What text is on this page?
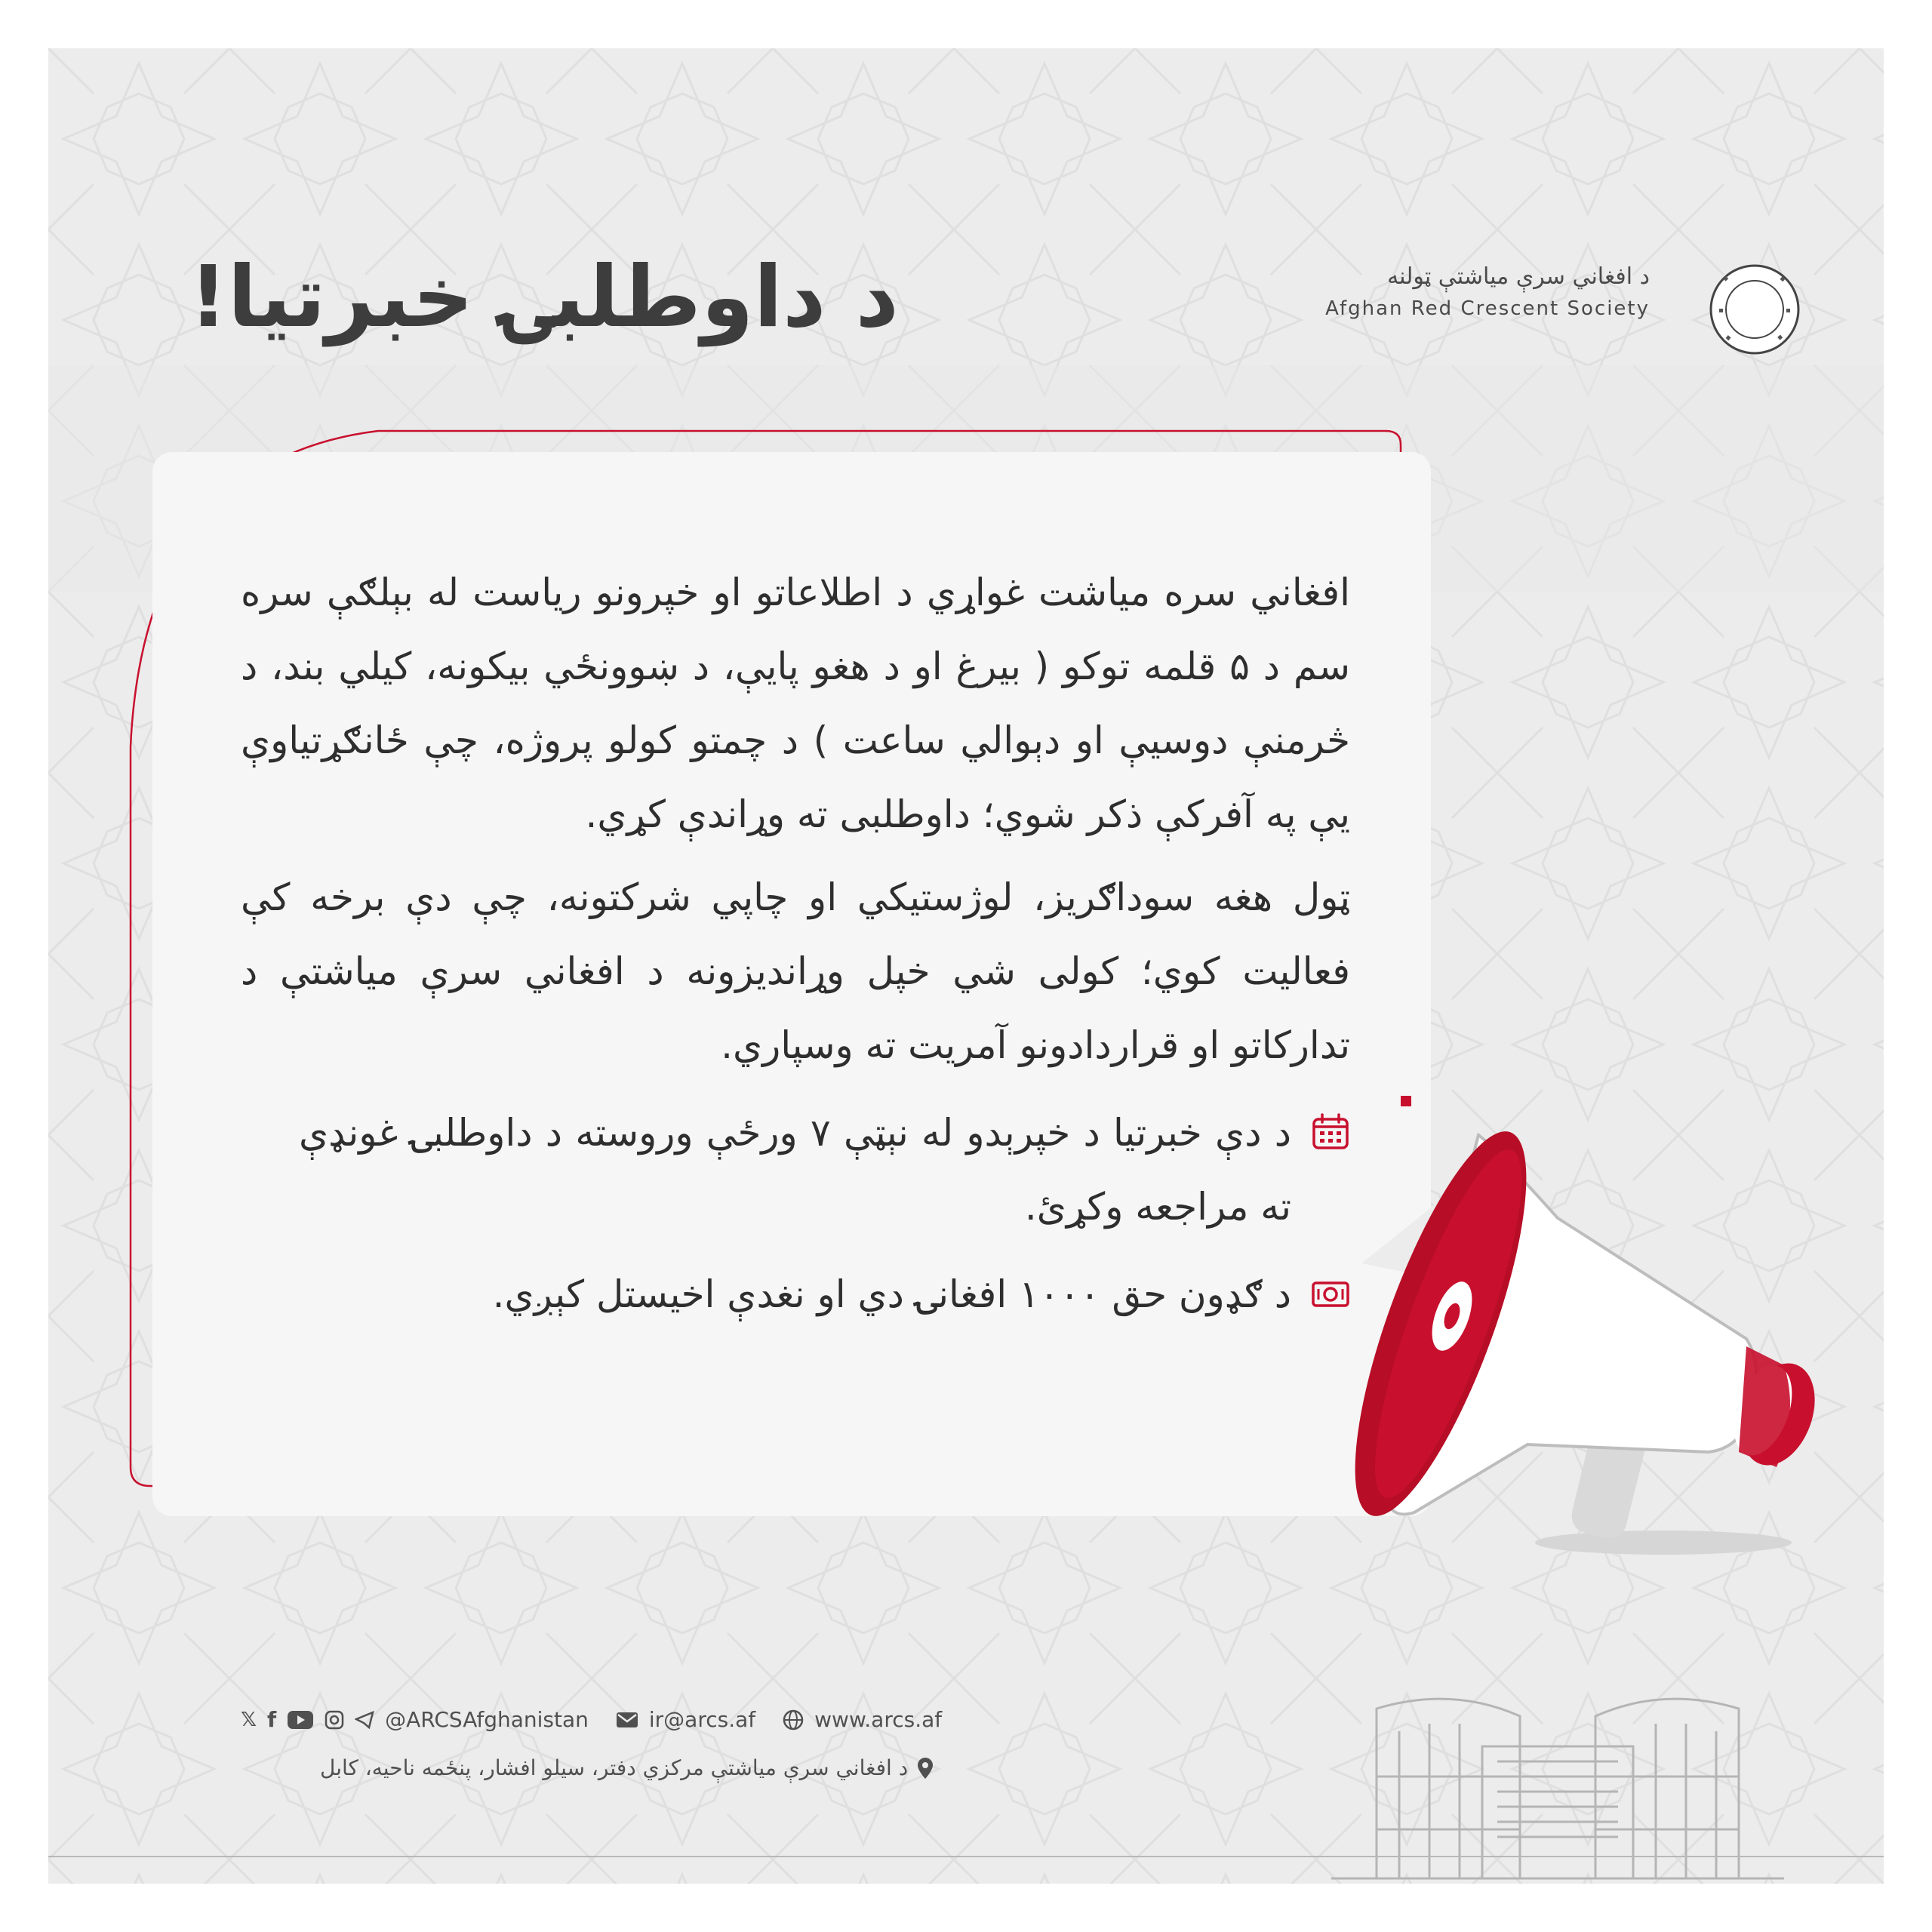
د داوطلبۍ خبرتیا!	د افغاني سرې میاشتې ټولنه
Afghan Red Crescent Society

افغاني سره میاشت غواړي د اطلاعاتو او خپرونو ریاست له بېلګې سره سم د ۵ قلمه توکو ( بیرغ او د هغو پایې، د ښوونځي بیکونه، کیلي بند، د څرمنې دوسیې او دېوالي ساعت ) د چمتو کولو پروژه، چې ځانګړتیاوې یې په آفرکې ذکر شوي؛ داوطلبی ته وړاندې کړي.

ټول هغه سوداګریز، لوژستیکي او چاپي شرکتونه، چې دې برخه کې فعالیت کوي؛ کولی شي خپل وړاندیزونه د افغاني سرې میاشتې د تدارکاتو او قراردادونو آمریت ته وسپاري.

د دې خبرتیا د خپرېدو له نېټې ۷ ورځې وروسته د داوطلبۍ غونډې ته مراجعه وکړئ.
د ګډون حق ۱۰۰۰ افغانۍ دي او نغدې اخیستل کېږي.
𝕏 f	@ARCSAfghanistan	ir@arcs.af	www.arcs.af
د افغاني سرې میاشتې مرکزي دفتر، سیلو افشار، پنځمه ناحیه، کابل
